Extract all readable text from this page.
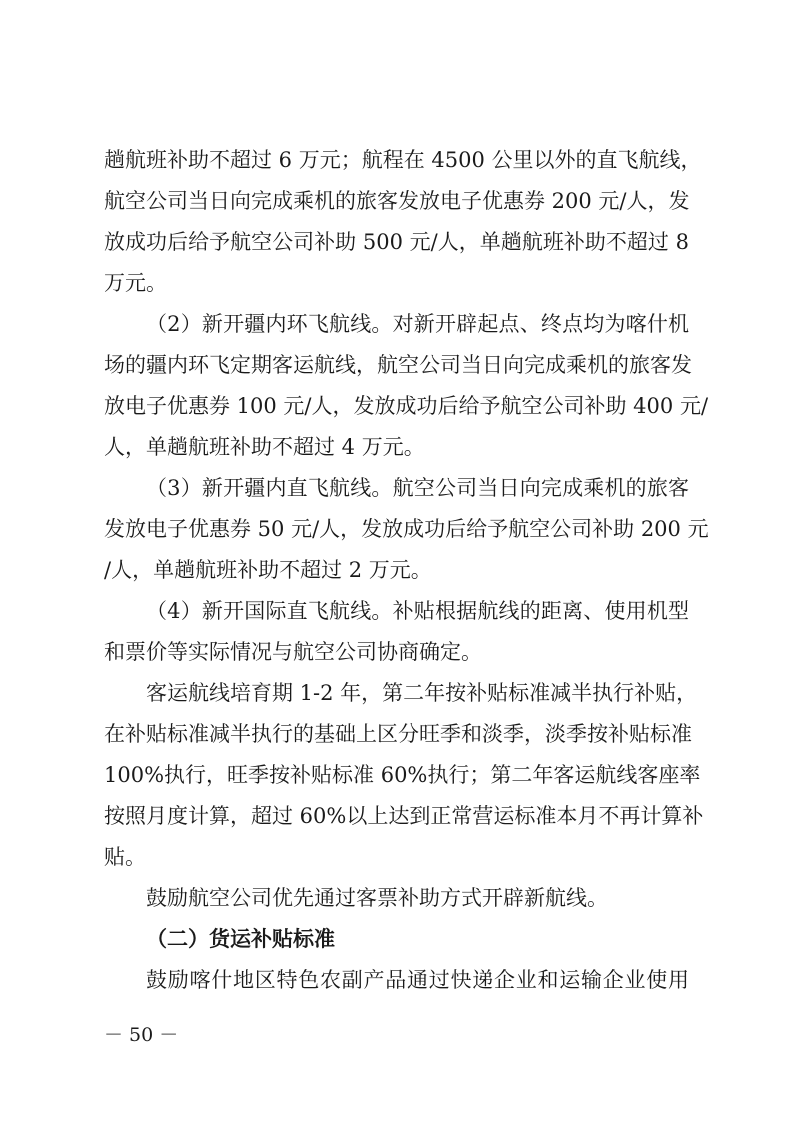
趟航班补助不超过 6 万元；航程在 4500 公里以外的直飞航线，
航空公司当日向完成乘机的旅客发放电子优惠券 200 元/人，发
放成功后给予航空公司补助 500 元/人，单趟航班补助不超过 8
万元。
（2）新开疆内环飞航线。对新开辟起点、终点均为喀什机
场的疆内环飞定期客运航线，航空公司当日向完成乘机的旅客发
放电子优惠券 100 元/人，发放成功后给予航空公司补助 400 元/
人，单趟航班补助不超过 4 万元。
（3）新开疆内直飞航线。航空公司当日向完成乘机的旅客
发放电子优惠券 50 元/人，发放成功后给予航空公司补助 200 元
/人，单趟航班补助不超过 2 万元。
（4）新开国际直飞航线。补贴根据航线的距离、使用机型
和票价等实际情况与航空公司协商确定。
客运航线培育期 1-2 年，第二年按补贴标准减半执行补贴，
在补贴标准减半执行的基础上区分旺季和淡季，淡季按补贴标准
100%执行，旺季按补贴标准 60%执行；第二年客运航线客座率
按照月度计算，超过 60%以上达到正常营运标准本月不再计算补
贴。
鼓励航空公司优先通过客票补助方式开辟新航线。
（二）货运补贴标准
鼓励喀什地区特色农副产品通过快递企业和运输企业使用
－ 50 －
